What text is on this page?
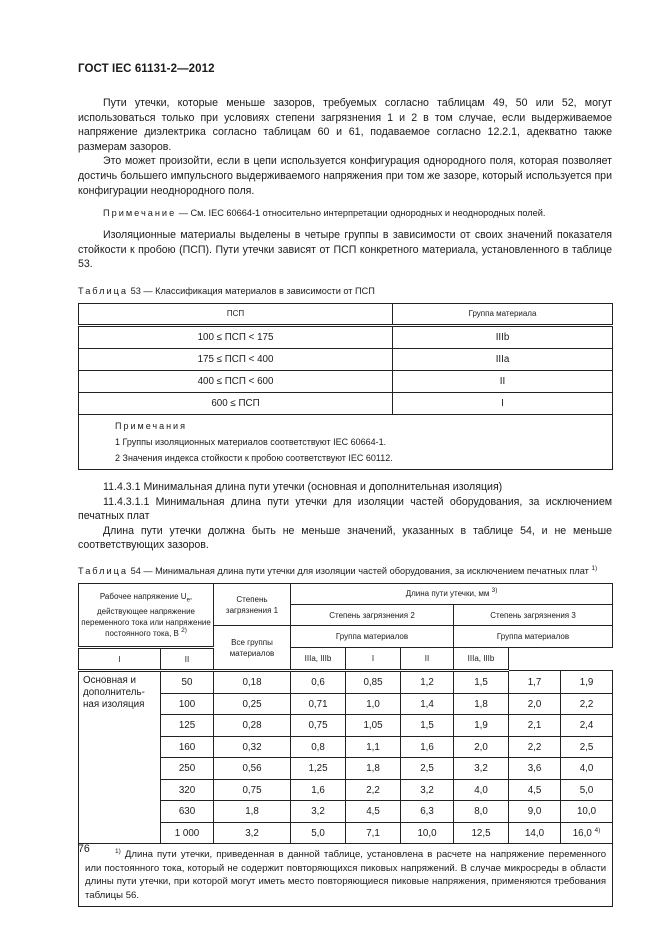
ГОСТ IEC 61131-2—2012

Пути утечки, которые меньше зазоров, требуемых согласно таблицам 49, 50 или 52, могут использоваться только при условиях степени загрязнения 1 и 2 в том случае, если выдерживаемое напряжение диэлектрика согласно таблицам 60 и 61, подаваемое согласно 12.2.1, адекватно также размерам зазоров.

Это может произойти, если в цепи используется конфигурация однородного поля, которая позволяет достичь большего импульсного выдерживаемого напряжения при том же зазоре, который используется при конфигурации неоднородного поля.

Примечание — См. IEC 60664-1 относительно интерпретации однородных и неоднородных полей.

Изоляционные материалы выделены в четыре группы в зависимости от своих значений показателя стойкости к пробою (ПСП). Пути утечки зависят от ПСП конкретного материала, установленного в таблице 53.

Таблица 53 — Классификация материалов в зависимости от ПСП

ПСП	Группа материала
100 ≤ ПСП < 175	IIIb
175 ≤ ПСП < 400	IIIa
400 ≤ ПСП < 600	II
600 ≤ ПСП	I

Примечания
1 Группы изоляционных материалов соответствуют IEC 60664-1.
2 Значения индекса стойкости к пробою соответствуют IEC 60112.	

11.4.3.1 Минимальная длина пути утечки (основная и дополнительная изоляция)

11.4.3.1.1 Минимальная длина пути утечки для изоляции частей оборудования, за исключением печатных плат

Длина пути утечки должна быть не меньше значений, указанных в таблице 54, и не меньше соответствующих зазоров.

Таблица 54 — Минимальная длина пути утечки для изоляции частей оборудования, за исключением печатных плат $^{1)}$

Рабочее напряжение $U_e$, действующее напряжение переменного тока или напряжение постоянного тока, В $^{2)}$		Степень загрязнения 1	Длина пути утечки, мм $^{3)}$
			Степень загрязнения 2			Степень загрязнения 3		
		Все группы материалов	Группа материалов			Группа материалов		
I	II		IIIa, IIIb	I	II	IIIa, IIIb		
Основная и дополнитель-ная изоляция	50	0,18	0,6	0,85	1,2	1,5	1,7	1,9
	100	0,25	0,71	1,0	1,4	1,8	2,0	2,2
	125	0,28	0,75	1,05	1,5	1,9	2,1	2,4
	160	0,32	0,8	1,1	1,6	2,0	2,2	2,5
	250	0,56	1,25	1,8	2,5	3,2	3,6	4,0
	320	0,75	1,6	2,2	3,2	4,0	4,5	5,0
	630	1,8	3,2	4,5	6,3	8,0	9,0	10,0
	1 000	3,2	5,0	7,1	10,0	12,5	14,0	16,0 $^{4)}$
$^{1)}$ Длина пути утечки, приведенная в данной таблице, установлена в расчете на напряжение переменного или постоянного тока, который не содержит повторяющихся пиковых напряжений. В случае микросреды в области длины пути утечки, при которой могут иметь место повторяющиеся пиковые напряжения, применяются требования таблицы 56.								
76
